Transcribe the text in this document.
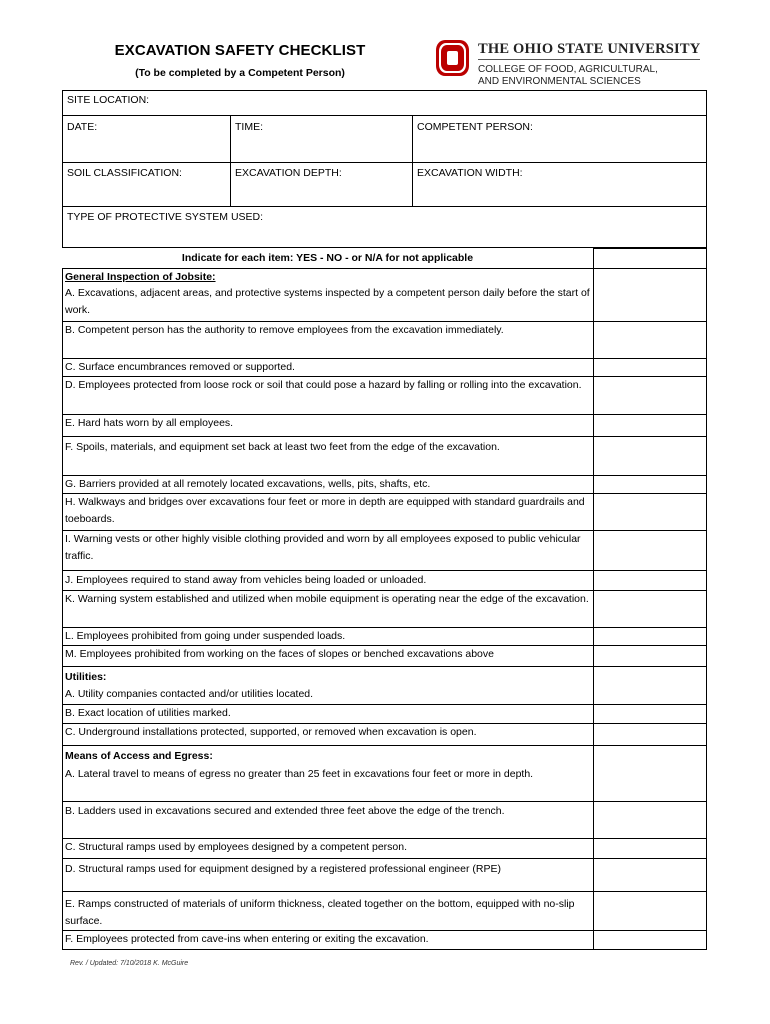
EXCAVATION SAFETY CHECKLIST
(To be completed by a Competent Person)
THE OHIO STATE UNIVERSITY
COLLEGE OF FOOD, AGRICULTURAL,
AND ENVIRONMENTAL SCIENCES
SITE LOCATION:
DATE:	TIME:	COMPETENT PERSON:
SOIL CLASSIFICATION:	EXCAVATION DEPTH:	EXCAVATION WIDTH:
TYPE OF PROTECTIVE SYSTEM USED:
Indicate for each item: YES - NO - or N/A for not applicable
General Inspection of Jobsite:
A. Excavations, adjacent areas, and protective systems inspected by a competent person daily before the start of work.
B. Competent person has the authority to remove employees from the excavation immediately.
C. Surface encumbrances removed or supported.
D. Employees protected from loose rock or soil that could pose a hazard by falling or rolling into the excavation.
E. Hard hats worn by all employees.
F. Spoils, materials, and equipment set back at least two feet from the edge of the excavation.
G. Barriers provided at all remotely located excavations, wells, pits, shafts, etc.
H. Walkways and bridges over excavations four feet or more in depth are equipped with standard guardrails and toeboards.
I. Warning vests or other highly visible clothing provided and worn by all employees exposed to public vehicular traffic.
J. Employees required to stand away from vehicles being loaded or unloaded.
K. Warning system established and utilized when mobile equipment is operating near the edge of the excavation.
L. Employees prohibited from going under suspended loads.
M. Employees prohibited from working on the faces of slopes or benched excavations above
Utilities:
A. Utility companies contacted and/or utilities located.
B. Exact location of utilities marked.
C. Underground installations protected, supported, or removed when excavation is open.
Means of Access and Egress:
A. Lateral travel to means of egress no greater than 25 feet in excavations four feet or more in depth.
B. Ladders used in excavations secured and extended three feet above the edge of the trench.
C. Structural ramps used by employees designed by a competent person.
D. Structural ramps used for equipment designed by a registered professional engineer (RPE)
E. Ramps constructed of materials of uniform thickness, cleated together on the bottom, equipped with no-slip surface.
F. Employees protected from cave-ins when entering or exiting the excavation.
Rev. / Updated: 7/10/2018 K. McGuire
